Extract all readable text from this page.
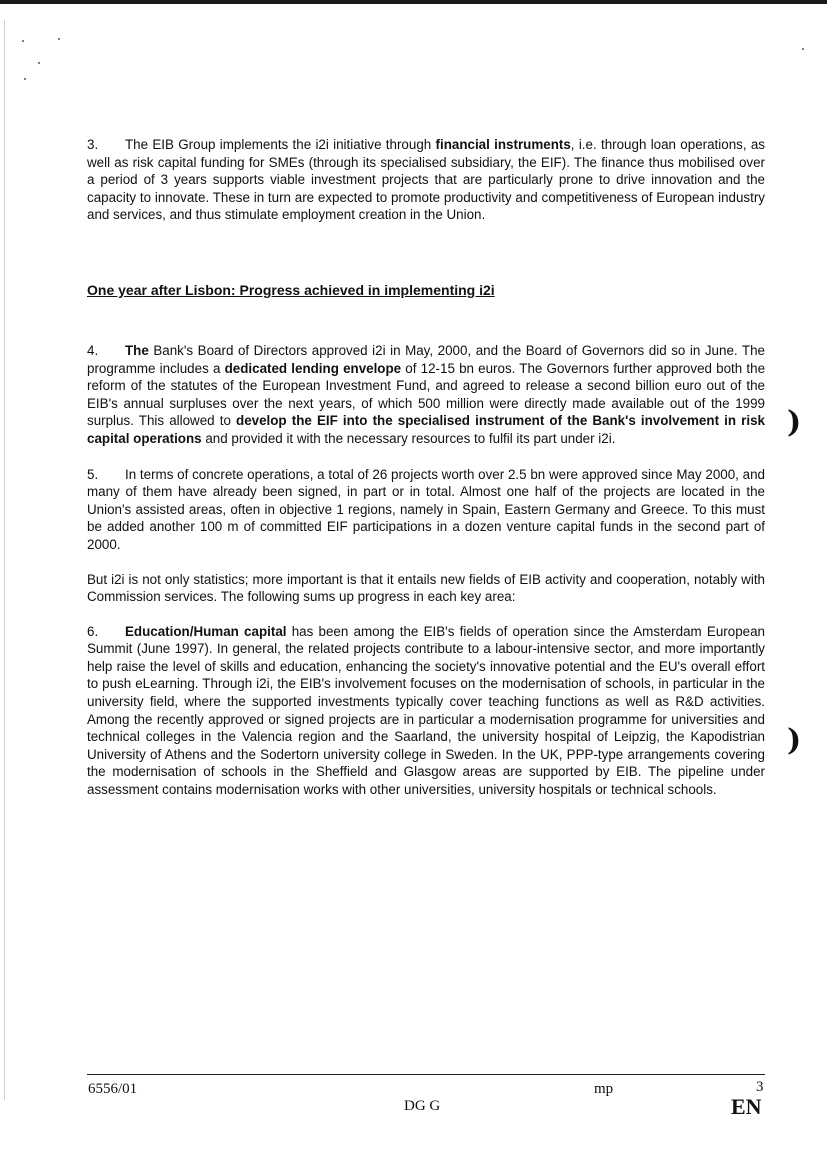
3. The EIB Group implements the i2i initiative through financial instruments, i.e. through loan operations, as well as risk capital funding for SMEs (through its specialised subsidiary, the EIF). The finance thus mobilised over a period of 3 years supports viable investment projects that are particularly prone to drive innovation and the capacity to innovate. These in turn are expected to promote productivity and competitiveness of European industry and services, and thus stimulate employment creation in the Union.

One year after Lisbon: Progress achieved in implementing i2i

4. The Bank's Board of Directors approved i2i in May, 2000, and the Board of Governors did so in June. The programme includes a dedicated lending envelope of 12-15 bn euros. The Governors further approved both the reform of the statutes of the European Investment Fund, and agreed to release a second billion euro out of the EIB's annual surpluses over the next years, of which 500 million were directly made available out of the 1999 surplus. This allowed to develop the EIF into the specialised instrument of the Bank's involvement in risk capital operations and provided it with the necessary resources to fulfil its part under i2i.

5. In terms of concrete operations, a total of 26 projects worth over 2.5 bn were approved since May 2000, and many of them have already been signed, in part or in total. Almost one half of the projects are located in the Union's assisted areas, often in objective 1 regions, namely in Spain, Eastern Germany and Greece. To this must be added another 100 m of committed EIF participations in a dozen venture capital funds in the second part of 2000.

But i2i is not only statistics; more important is that it entails new fields of EIB activity and cooperation, notably with Commission services. The following sums up progress in each key area:

6. Education/Human capital has been among the EIB's fields of operation since the Amsterdam European Summit (June 1997). In general, the related projects contribute to a labour-intensive sector, and more importantly help raise the level of skills and education, enhancing the society's innovative potential and the EU's overall effort to push eLearning. Through i2i, the EIB's involvement focuses on the modernisation of schools, in particular in the university field, where the supported investments typically cover teaching functions as well as R&D activities. Among the recently approved or signed projects are in particular a modernisation programme for universities and technical colleges in the Valencia region and the Saarland, the university hospital of Leipzig, the Kapodistrian University of Athens and the Sodertorn university college in Sweden. In the UK, PPP-type arrangements covering the modernisation of schools in the Sheffield and Glasgow areas are supported by EIB. The pipeline under assessment contains modernisation works with other universities, university hospitals or technical schools.

)
)
6556/01	mp	3
DG G	EN
